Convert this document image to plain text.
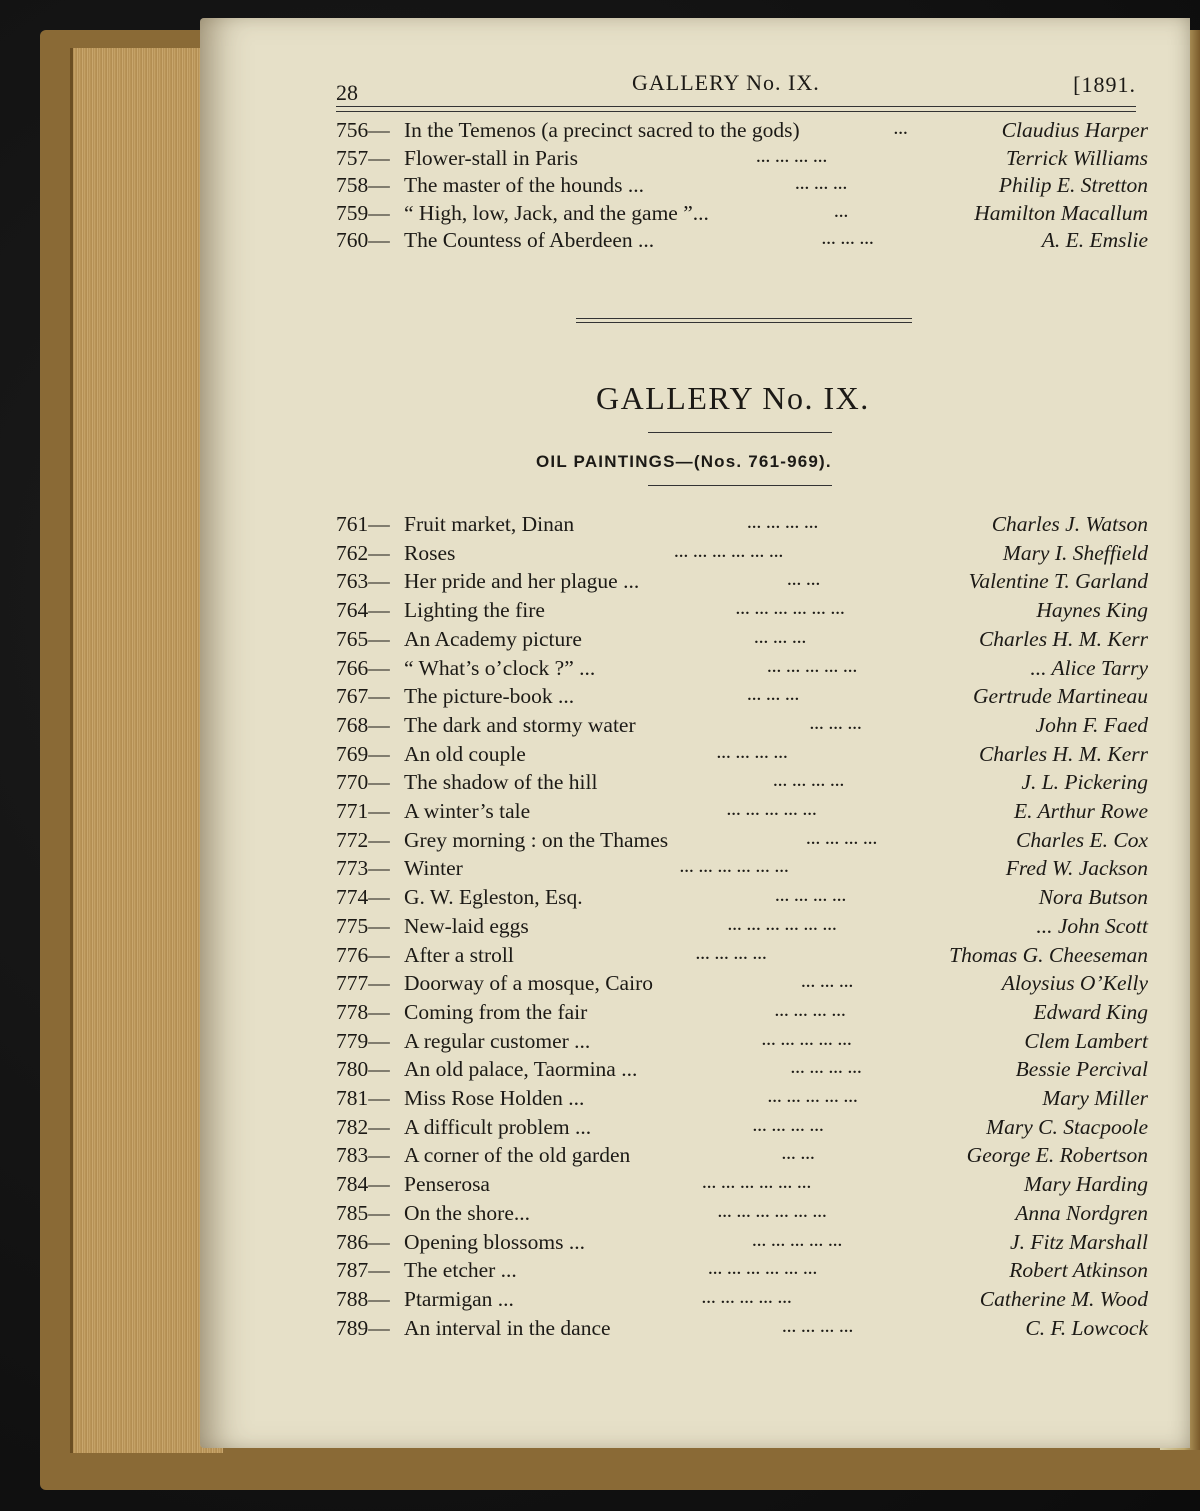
28	GALLERY No. IX.	[1891.
756— In the Temenos (a precinct sacred to the gods)	...	Claudius Harper
757— Flower-stall in Paris	... ... ... ...	Terrick Williams
758— The master of the hounds ...	... ... ...	Philip E. Stretton
759— “ High, low, Jack, and the game ”...	...	Hamilton Macallum
760— The Countess of Aberdeen ...	... ... ...	A. E. Emslie
GALLERY No. IX.
OIL PAINTINGS—(Nos. 761-969).
761— Fruit market, Dinan	... ... ... ...	Charles J. Watson
762— Roses	... ... ... ... ... ...	Mary I. Sheffield
763— Her pride and her plague ...	... ...	Valentine T. Garland
764— Lighting the fire	... ... ... ... ... ...	Haynes King
765— An Academy picture	... ... ...	Charles H. M. Kerr
766— “ What’s o’clock ?” ...	... ... ... ... ...	... Alice Tarry
767— The picture-book ...	... ... ...	Gertrude Martineau
768— The dark and stormy water	... ... ...	John F. Faed
769— An old couple	... ... ... ...	Charles H. M. Kerr
770— The shadow of the hill	... ... ... ...	J. L. Pickering
771— A winter’s tale	... ... ... ... ...	E. Arthur Rowe
772— Grey morning : on the Thames	... ... ... ...	Charles E. Cox
773— Winter	... ... ... ... ... ...	Fred W. Jackson
774— G. W. Egleston, Esq.	... ... ... ...	Nora Butson
775— New-laid eggs	... ... ... ... ... ...	... John Scott
776— After a stroll	... ... ... ...	Thomas G. Cheeseman
777— Doorway of a mosque, Cairo	... ... ...	Aloysius O’Kelly
778— Coming from the fair	... ... ... ...	Edward King
779— A regular customer ...	... ... ... ... ...	Clem Lambert
780— An old palace, Taormina ...	... ... ... ...	Bessie Percival
781— Miss Rose Holden ...	... ... ... ... ...	Mary Miller
782— A difficult problem ...	... ... ... ...	Mary C. Stacpoole
783— A corner of the old garden	... ...	George E. Robertson
784— Penserosa	... ... ... ... ... ...	Mary Harding
785— On the shore...	... ... ... ... ... ...	Anna Nordgren
786— Opening blossoms ...	... ... ... ... ...	J. Fitz Marshall
787— The etcher ...	... ... ... ... ... ...	Robert Atkinson
788— Ptarmigan ...	... ... ... ... ...	Catherine M. Wood
789— An interval in the dance	... ... ... ...	C. F. Lowcock
